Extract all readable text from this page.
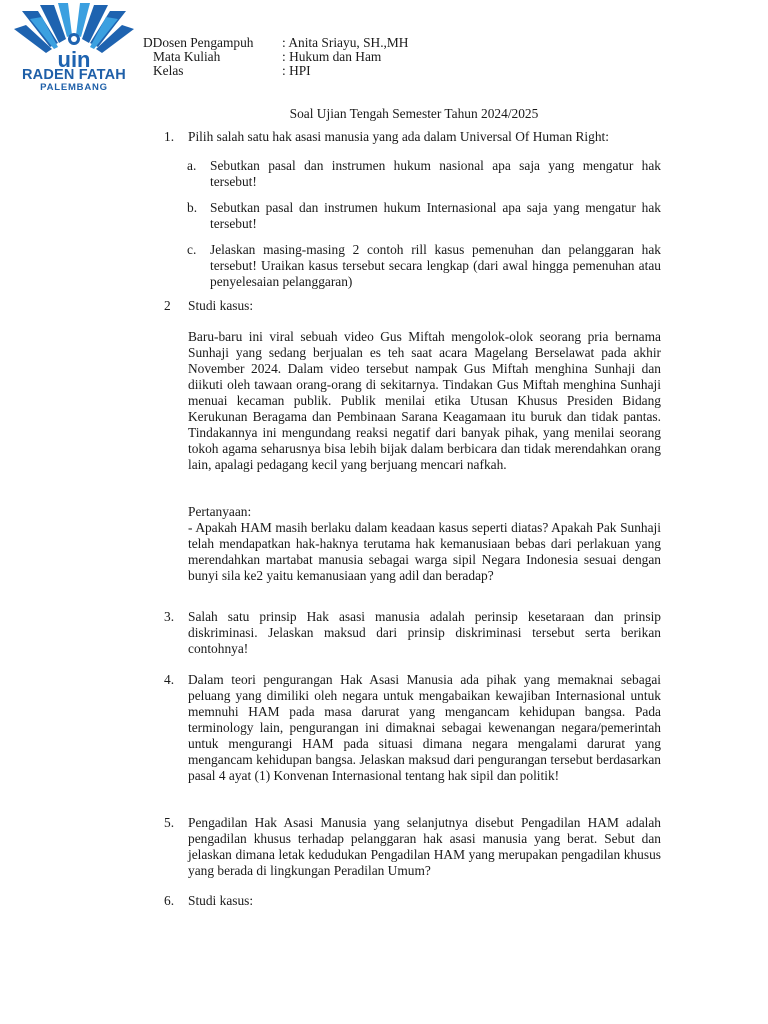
uin
RADEN FATAH
PALEMBANG
DDosen Pengampuh : Anita Sriayu, SH.,MH
Mata Kuliah	: Hukum dan Ham
Kelas	: HPI
Soal Ujian Tengah Semester Tahun 2024/2025
1. Pilih salah satu hak asasi manusia yang ada dalam Universal Of Human Right:
a. Sebutkan pasal dan instrumen hukum nasional apa saja yang mengatur hak tersebut!
b. Sebutkan pasal dan instrumen hukum Internasional apa saja yang mengatur hak tersebut!
c. Jelaskan masing-masing 2 contoh rill kasus pemenuhan dan pelanggaran hak tersebut! Uraikan kasus tersebut secara lengkap (dari awal hingga pemenuhan atau penyelesaian pelanggaran)
2 Studi kasus:
Baru-baru ini viral sebuah video Gus Miftah mengolok-olok seorang pria bernama Sunhaji yang sedang berjualan es teh saat acara Magelang Berselawat pada akhir November 2024. Dalam video tersebut nampak Gus Miftah menghina Sunhaji dan diikuti oleh tawaan orang-orang di sekitarnya. Tindakan Gus Miftah menghina Sunhaji menuai kecaman publik. Publik menilai etika Utusan Khusus Presiden Bidang Kerukunan Beragama dan Pembinaan Sarana Keagamaan itu buruk dan tidak pantas. Tindakannya ini mengundang reaksi negatif dari banyak pihak, yang menilai seorang tokoh agama seharusnya bisa lebih bijak dalam berbicara dan tidak merendahkan orang lain, apalagi pedagang kecil yang berjuang mencari nafkah.
Pertanyaan:
- Apakah HAM masih berlaku dalam keadaan kasus seperti diatas? Apakah Pak Sunhaji telah mendapatkan hak-haknya terutama hak kemanusiaan bebas dari perlakuan yang merendahkan martabat manusia sebagai warga sipil Negara Indonesia sesuai dengan bunyi sila ke2 yaitu kemanusiaan yang adil dan beradap?
3. Salah satu prinsip Hak asasi manusia adalah perinsip kesetaraan dan prinsip diskriminasi. Jelaskan maksud dari prinsip diskriminasi tersebut serta berikan contohnya!
4. Dalam teori pengurangan Hak Asasi Manusia ada pihak yang memaknai sebagai peluang yang dimiliki oleh negara untuk mengabaikan kewajiban Internasional untuk memnuhi HAM pada masa darurat yang mengancam kehidupan bangsa. Pada terminology lain, pengurangan ini dimaknai sebagai kewenangan negara/pemerintah untuk mengurangi HAM pada situasi dimana negara mengalami darurat yang mengancam kehidupan bangsa. Jelaskan maksud dari pengurangan tersebut berdasarkan pasal 4 ayat (1) Konvenan Internasional tentang hak sipil dan politik!
5. Pengadilan Hak Asasi Manusia yang selanjutnya disebut Pengadilan HAM adalah pengadilan khusus terhadap pelanggaran hak asasi manusia yang berat. Sebut dan jelaskan dimana letak kedudukan Pengadilan HAM yang merupakan pengadilan khusus yang berada di lingkungan Peradilan Umum?
6. Studi kasus:
